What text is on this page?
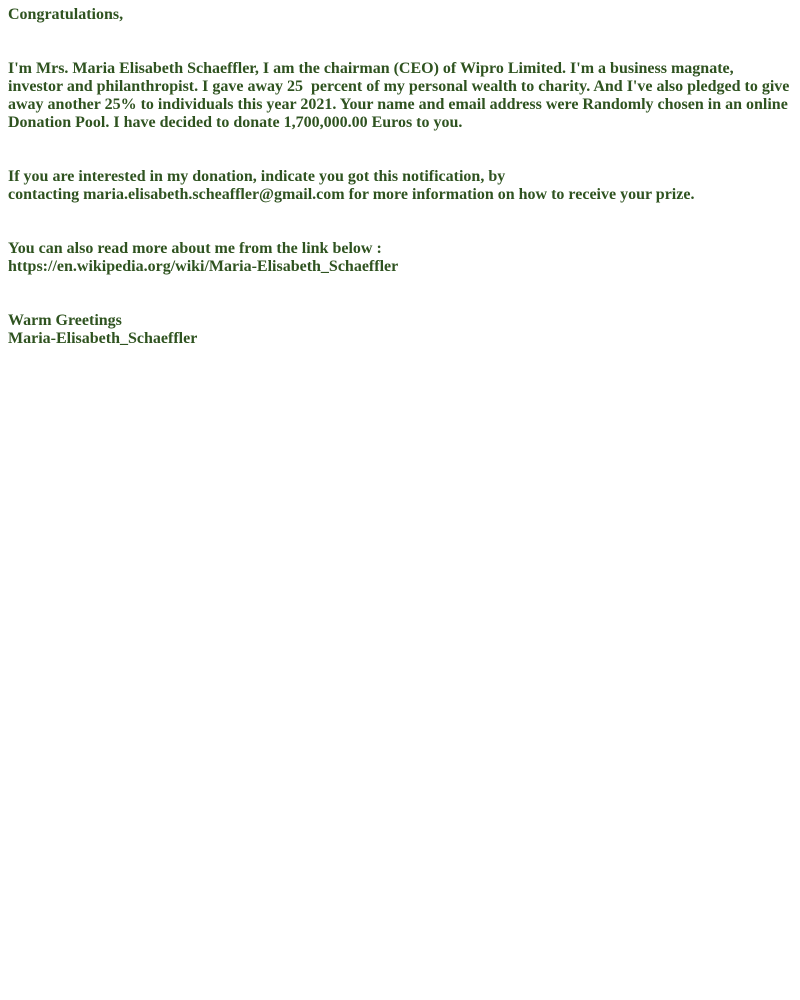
Congratulations,
I'm Mrs. Maria Elisabeth Schaeffler, I am the chairman (CEO) of Wipro Limited. I'm a business magnate, investor and philanthropist. I gave away 25  percent of my personal wealth to charity. And I've also pledged to give away another 25% to individuals this year 2021. Your name and email address were Randomly chosen in an online Donation Pool. I have decided to donate 1,700,000.00 Euros to you.
If you are interested in my donation, indicate you got this notification, by
contacting maria.elisabeth.scheaffler@gmail.com for more information on how to receive your prize.
You can also read more about me from the link below :
https://en.wikipedia.org/wiki/Maria-Elisabeth_Schaeffler
Warm Greetings
Maria-Elisabeth_Schaeffler
